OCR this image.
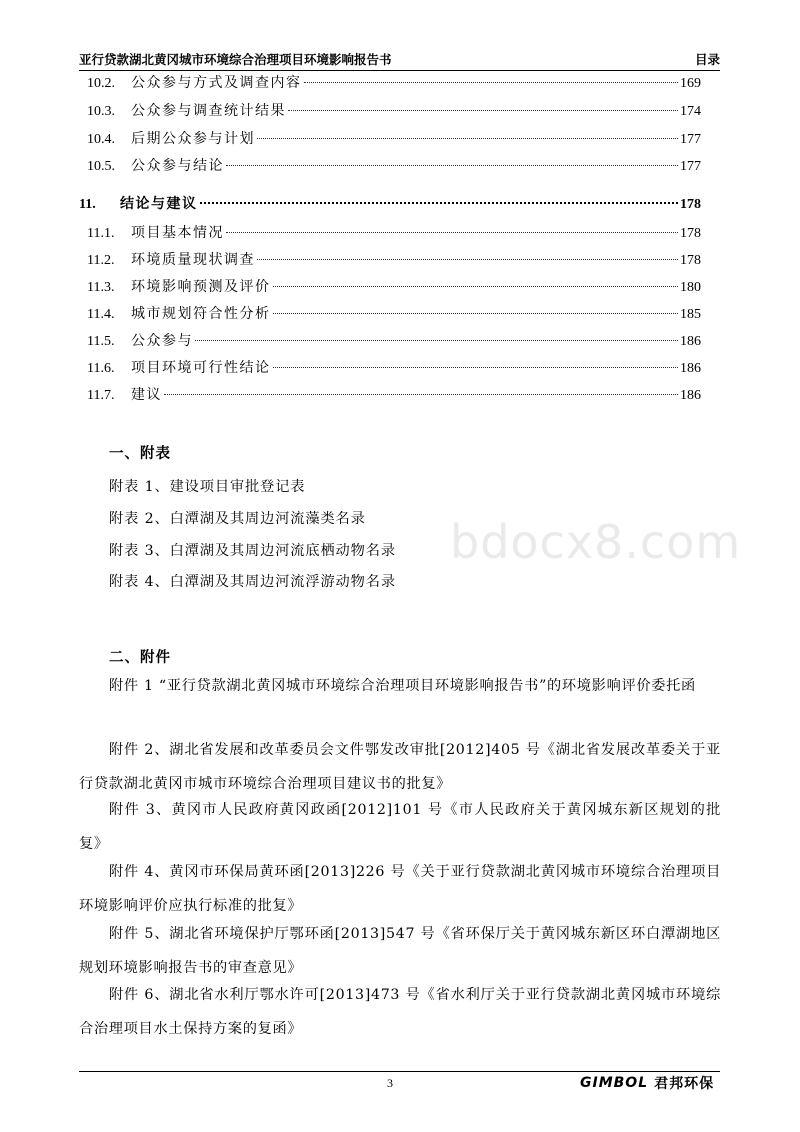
亚行贷款湖北黄冈城市环境综合治理项目环境影响报告书	目录
10.2.	公众参与方式及调查内容	169
10.3.	公众参与调查统计结果	174
10.4.	后期公众参与计划	177
10.5.	公众参与结论	177
11.	结论与建议	178
11.1.	项目基本情况	178
11.2.	环境质量现状调查	178
11.3.	环境影响预测及评价	180
11.4.	城市规划符合性分析	185
11.5.	公众参与	186
11.6.	项目环境可行性结论	186
11.7.	建议	186
一、附表
附表 1、建设项目审批登记表
附表 2、白潭湖及其周边河流藻类名录
附表 3、白潭湖及其周边河流底栖动物名录
附表 4、白潭湖及其周边河流浮游动物名录
bdocx8.com
二、附件

附件 1 “亚行贷款湖北黄冈城市环境综合治理项目环境影响报告书”的环境影响评价委托函

附件 2、湖北省发展和改革委员会文件鄂发改审批[2012]405 号《湖北省发展改革委关于亚行贷款湖北黄冈市城市环境综合治理项目建议书的批复》

附件 3、黄冈市人民政府黄冈政函[2012]101 号《市人民政府关于黄冈城东新区规划的批复》

附件 4、黄冈市环保局黄环函[2013]226 号《关于亚行贷款湖北黄冈城市环境综合治理项目环境影响评价应执行标准的批复》

附件 5、湖北省环境保护厅鄂环函[2013]547 号《省环保厅关于黄冈城东新区环白潭湖地区规划环境影响报告书的审查意见》

附件 6、湖北省水利厅鄂水许可[2013]473 号《省水利厅关于亚行贷款湖北黄冈城市环境综合治理项目水土保持方案的复函》

3	GIMBOL 君邦环保
